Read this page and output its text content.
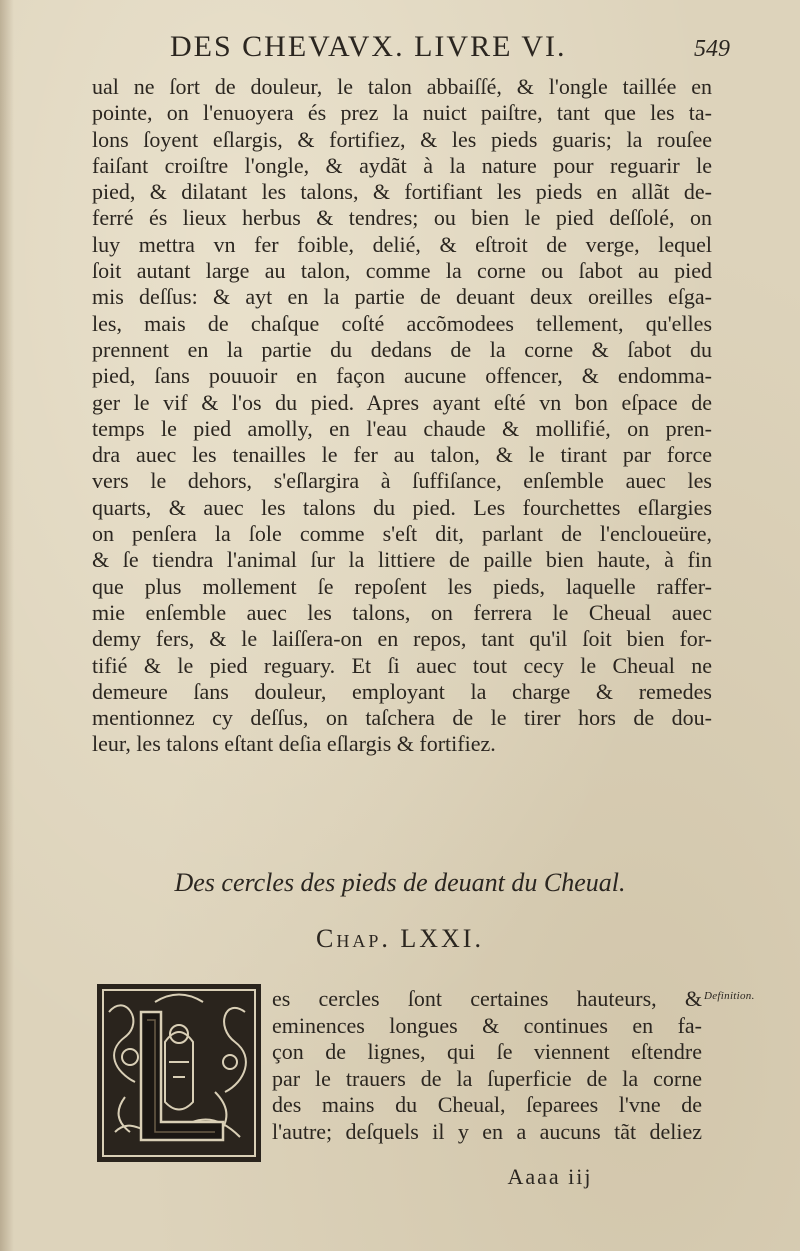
DES CHEVAVX. LIVRE VI.	549
ual ne ſort de douleur, le talon abbaiſſé, & l'ongle taillée en
pointe, on l'enuoyera és prez la nuict paiſtre, tant que les ta-
lons ſoyent eſlargis, & fortifiez, & les pieds guaris; la rouſee
faiſant croiſtre l'ongle, & aydãt à la nature pour reguarir le
pied, & dilatant les talons, & fortifiant les pieds en allãt de-
ferré és lieux herbus & tendres; ou bien le pied deſſolé, on
luy mettra vn fer foible, delié, & eſtroit de verge, lequel
ſoit autant large au talon, comme la corne ou ſabot au pied
mis deſſus: & ayt en la partie de deuant deux oreilles eſga-
les, mais de chaſque coſté accõmodees tellement, qu'elles
prennent en la partie du dedans de la corne & ſabot du
pied, ſans pouuoir en façon aucune offencer, & endomma-
ger le vif & l'os du pied. Apres ayant eſté vn bon eſpace de
temps le pied amolly, en l'eau chaude & mollifié, on pren-
dra auec les tenailles le fer au talon, & le tirant par force
vers le dehors, s'eſlargira à ſuffiſance, enſemble auec les
quarts, & auec les talons du pied. Les fourchettes eſlargies
on penſera la ſole comme s'eſt dit, parlant de l'encloueüre,
& ſe tiendra l'animal ſur la littiere de paille bien haute, à fin
que plus mollement ſe repoſent les pieds, laquelle raffer-
mie enſemble auec les talons, on ferrera le Cheual auec
demy fers, & le laiſſera-on en repos, tant qu'il ſoit bien for-
tifié & le pied reguary. Et ſi auec tout cecy le Cheual ne
demeure ſans douleur, employant la charge & remedes
mentionnez cy deſſus, on taſchera de le tirer hors de dou-
leur, les talons eſtant deſia eſlargis & fortifiez.
Des cercles des pieds de deuant du Cheual.
Chap. LXXI.
es cercles ſont certaines hauteurs, &
eminences longues & continues en fa-
çon de lignes, qui ſe viennent eſtendre
par le trauers de la ſuperficie de la corne
des mains du Cheual, ſeparees l'vne de
l'autre; deſquels il y en a aucuns tãt deliez
Definition.
Aaaa iij
